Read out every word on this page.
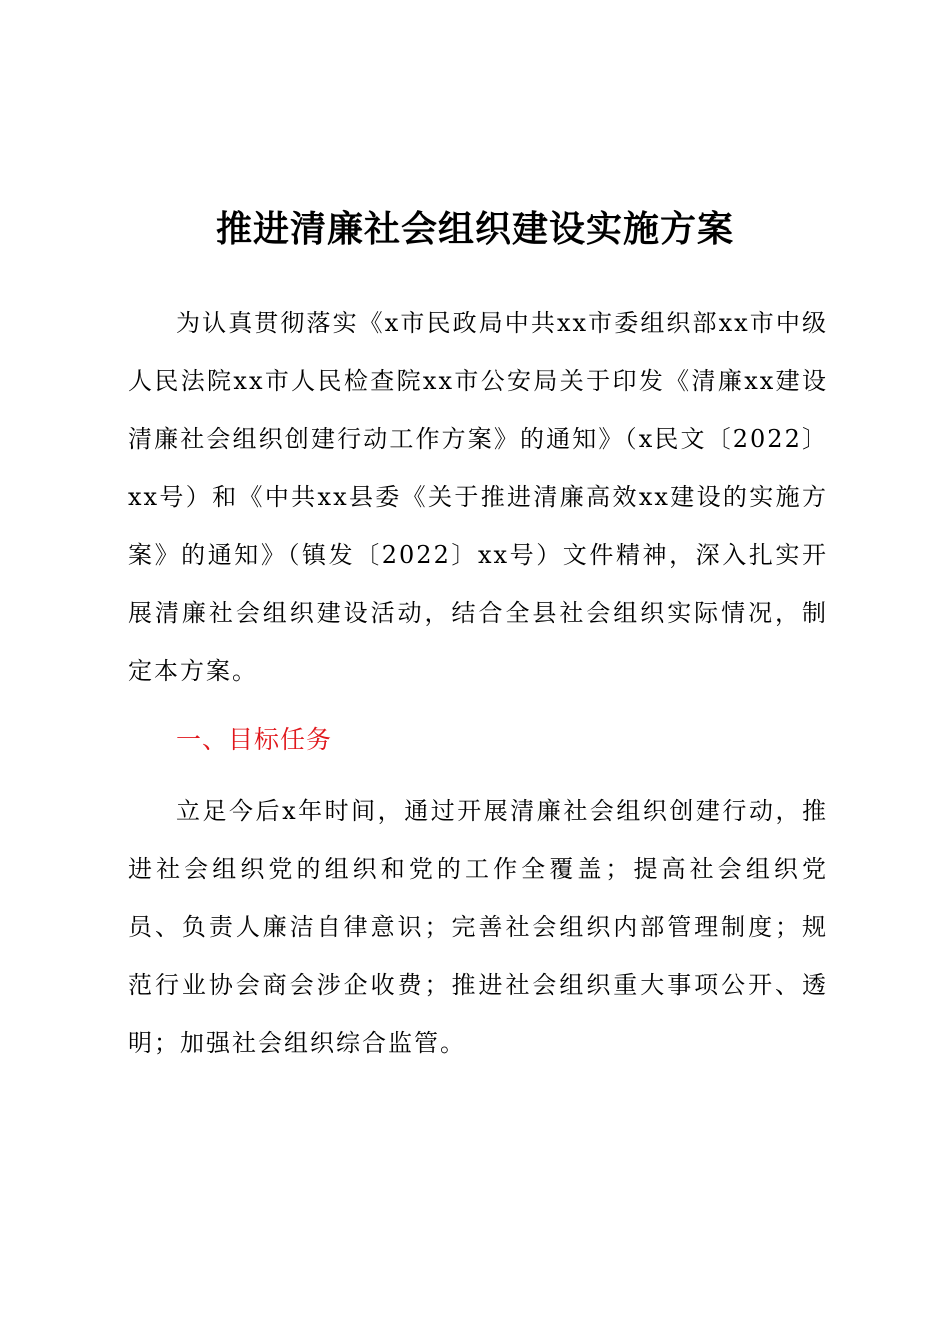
推进清廉社会组织建设实施方案

为认真贯彻落实《x市民政局中共xx市委组织部xx市中级人民法院xx市人民检查院xx市公安局关于印发《清廉xx建设清廉社会组织创建行动工作方案》的通知》（x民文〔2022〕xx号）和《中共xx县委《关于推进清廉高效xx建设的实施方案》的通知》（镇发〔2022〕xx号）文件精神，深入扎实开展清廉社会组织建设活动，结合全县社会组织实际情况，制定本方案。

一、目标任务

立足今后x年时间，通过开展清廉社会组织创建行动，推进社会组织党的组织和党的工作全覆盖；提高社会组织党员、负责人廉洁自律意识；完善社会组织内部管理制度；规范行业协会商会涉企收费；推进社会组织重大事项公开、透明；加强社会组织综合监管。
